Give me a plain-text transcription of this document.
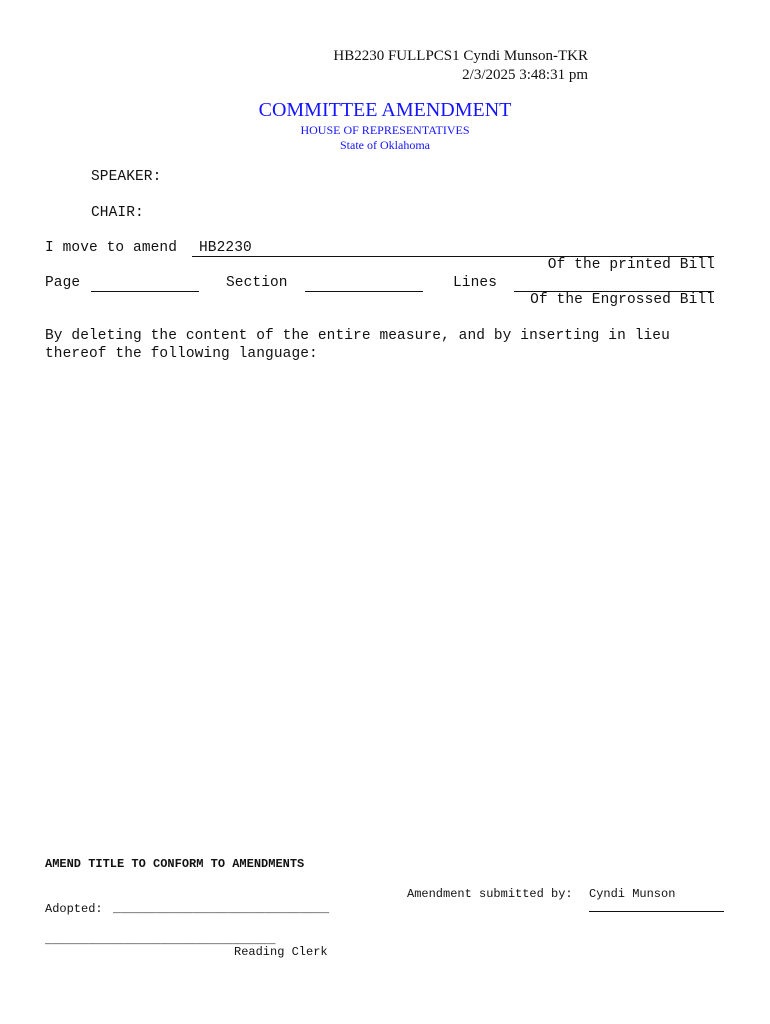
HB2230 FULLPCS1 Cyndi Munson-TKR
2/3/2025 3:48:31 pm
COMMITTEE AMENDMENT
HOUSE OF REPRESENTATIVES
State of Oklahoma
SPEAKER:
CHAIR:
I move to amend HB2230
Of the printed Bill
Page	Section	Lines
Of the Engrossed Bill
By deleting the content of the entire measure, and by inserting in lieu
thereof the following language:
AMEND TITLE TO CONFORM TO AMENDMENTS
Amendment submitted by: Cyndi Munson
Adopted: ______________________________
________________________________
Reading Clerk
